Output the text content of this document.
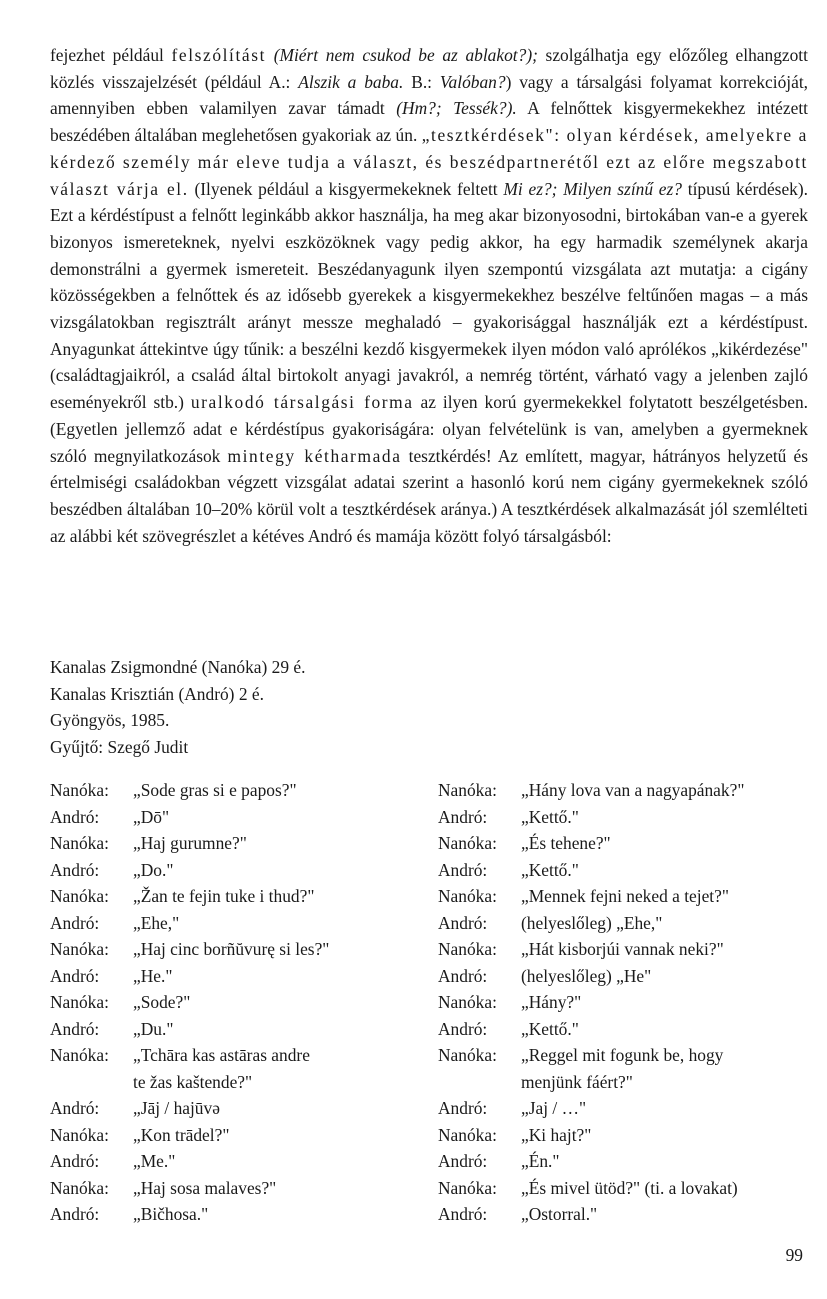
fejezhet például felszólítást (Miért nem csukod be az ablakot?); szolgálhatja egy előzőleg elhangzott közlés visszajelzését (például A.: Alszik a baba. B.: Valóban?) vagy a társalgási folyamat korrekcióját, amennyiben ebben valamilyen zavar támadt (Hm?; Tessék?). A felnőttek kisgyermekekhez intézett beszédében általában meglehetősen gyakoriak az ún. „tesztkérdések": olyan kérdések, amelyekre a kérdező személy már eleve tudja a választ, és beszédpartnerétől ezt az előre megszabott választ várja el. (Ilyenek például a kisgyermekeknek feltett Mi ez?; Milyen színű ez? típusú kérdések). Ezt a kérdéstípust a felnőtt leginkább akkor használja, ha meg akar bizonyosodni, birtokában van-e a gyerek bizonyos ismereteknek, nyelvi eszközöknek vagy pedig akkor, ha egy harmadik személynek akarja demonstrálni a gyermek ismereteit. Beszédanyagunk ilyen szempontú vizsgálata azt mutatja: a cigány közösségekben a felnőttek és az idősebb gyerekek a kisgyermekekhez beszélve feltűnően magas – a más vizsgálatokban regisztrált arányt messze meghaladó – gyakorisággal használják ezt a kérdéstípust. Anyagunkat áttekintve úgy tűnik: a beszélni kezdő kisgyermekek ilyen módon való aprólékos „kikérdezése" (családtagjaikról, a család által birtokolt anyagi javakról, a nemrég történt, várható vagy a jelenben zajló eseményekről stb.) uralkodó társalgási forma az ilyen korú gyermekekkel folytatott beszélgetésben. (Egyetlen jellemző adat e kérdéstípus gyakoriságára: olyan felvételünk is van, amelyben a gyermeknek szóló megnyilatkozások mintegy kétharmada tesztkérdés! Az említett, magyar, hátrányos helyzetű és értelmiségi családokban végzett vizsgálat adatai szerint a hasonló korú nem cigány gyermekeknek szóló beszédben általában 10–20% körül volt a tesztkérdések aránya.) A tesztkérdések alkalmazását jól szemlélteti az alábbi két szövegrészlet a kétéves Andró és mamája között folyó társalgásból:

Kanalas Zsigmondné (Nanóka) 29 é.
Kanalas Krisztián (Andró) 2 é.
Gyöngyös, 1985.
Gyűjtő: Szegő Judit
Nanóka:	„Sode gras si e papos?"
Andró:	„Dō"
Nanóka:	„Haj gurumne?"
Andró:	„Do."
Nanóka:	„Žan te fejin tuke i thud?"
Andró:	„Ehe,"
Nanóka:	„Haj cinc borñŭvurę si les?"
Andró:	„He."
Nanóka:	„Sode?"
Andró:	„Du."
Nanóka:	„Tchāra kas astāras andre
te žas kaštende?"
Andró:	„Jāj / hajūvə
Nanóka:	„Kon trādel?"
Andró:	„Me."
Nanóka:	„Haj sosa malaves?"
Andró:	„Bičhosa."
Nanóka:	„Hány lova van a nagyapának?"
Andró:	„Kettő."
Nanóka:	„És tehene?"
Andró:	„Kettő."
Nanóka:	„Mennek fejni neked a tejet?"
Andró:	(helyeslőleg) „Ehe,"
Nanóka:	„Hát kisborjúi vannak neki?"
Andró:	(helyeslőleg) „He"
Nanóka:	„Hány?"
Andró:	„Kettő."
Nanóka:	„Reggel mit fogunk be, hogy
menjünk fáért?"
Andró:	„Jaj / …"
Nanóka:	„Ki hajt?"
Andró:	„Én."
Nanóka:	„És mivel ütöd?" (ti. a lovakat)
Andró:	„Ostorral."
99
